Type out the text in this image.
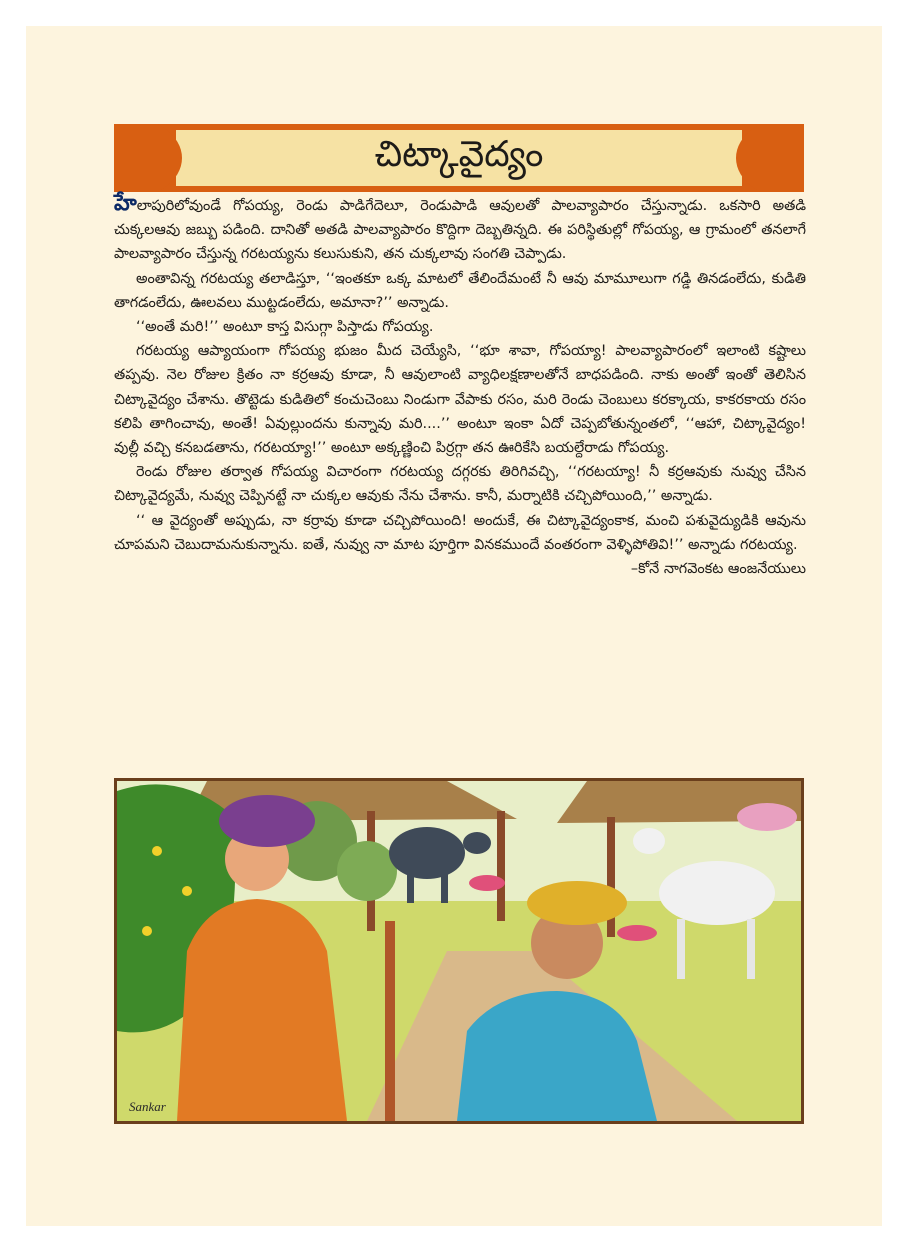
చిట్కావైద్యం

హేలాపురిలోవుండే గోపయ్య, రెండు పాడిగేదెలూ, రెండుపాడి ఆవులతో పాలవ్యాపారం చేస్తున్నాడు. ఒకసారి అతడి చుక్కలఆవు జబ్బు పడింది. దానితో అతడి పాలవ్యాపారం కొద్దిగా దెబ్బతిన్నది. ఈ పరిస్థితుల్లో గోపయ్య, ఆ గ్రామంలో తనలాగే పాలవ్యాపారం చేస్తున్న గరటయ్యను కలుసుకుని, తన చుక్కలావు సంగతి చెప్పాడు.

అంతావిన్న గరటయ్య తలాడిస్తూ, ‘‘ఇంతకూ ఒక్క మాటలో తేలిందేమంటే నీ ఆవు మామూలుగా గడ్డి తినడంలేదు, కుడితి తాగడంలేదు, ఊలవలు ముట్టడంలేదు, అమానా?’’ అన్నాడు.

‘‘అంతే మరి!’’ అంటూ కాస్త విసుగ్గా పిస్తాడు గోపయ్య.

గరటయ్య ఆప్యాయంగా గోపయ్య భుజం మీద చెయ్యేసి, ‘‘భూ శావా, గోపయ్యా! పాలవ్యాపారంలో ఇలాంటి కష్టాలు తప్పవు. నెల రోజుల క్రితం నా కర్రఆవు కూడా, నీ ఆవులాంటి వ్యాధిలక్షణాలతోనే బాధపడింది. నాకు అంతో ఇంతో తెలిసిన చిట్కావైద్యం చేశాను. తొట్టెడు కుడితిలో కంచుచెంబు నిండుగా వేపాకు రసం, మరి రెండు చెంబులు కరక్కాయ, కాకరకాయ రసం కలిపి తాగించావు, అంతే! ఏవుల్లుందను కున్నావు మరి....’’ అంటూ ఇంకా ఏదో చెప్పబోతున్నంతలో, ‘‘ఆహా, చిట్కావైద్యం! వుల్లీ వచ్చి కనబడతాను, గరటయ్యా!’’ అంటూ అక్కణ్ణించి పిర్రగ్గా తన ఊరికేసి బయల్దేరాడు గోపయ్య.

రెండు రోజుల తర్వాత గోపయ్య విచారంగా గరటయ్య దగ్గరకు తిరిగివచ్చి, ‘‘గరటయ్యా! నీ కర్రఆవుకు నువ్వు చేసిన చిట్కావైద్యమే, నువ్వు చెప్పినట్టే నా చుక్కల ఆవుకు నేను చేశాను. కానీ, మర్నాటికి చచ్చిపోయింది,’’ అన్నాడు.

‘‘ ఆ వైద్యంతో అప్పుడు, నా కర్రావు కూడా చచ్చిపోయింది! అందుకే, ఈ చిట్కావైద్యంకాక, మంచి పశువైద్యుడికి ఆవును చూపమని చెబుదామనుకున్నాను. ఐతే, నువ్వు నా మాట పూర్తిగా వినకముందే వంతరంగా వెళ్ళిపోతివి!’’ అన్నాడు గరటయ్య.
–కోనే నాగవెంకట ఆంజనేయులు

Sankar
